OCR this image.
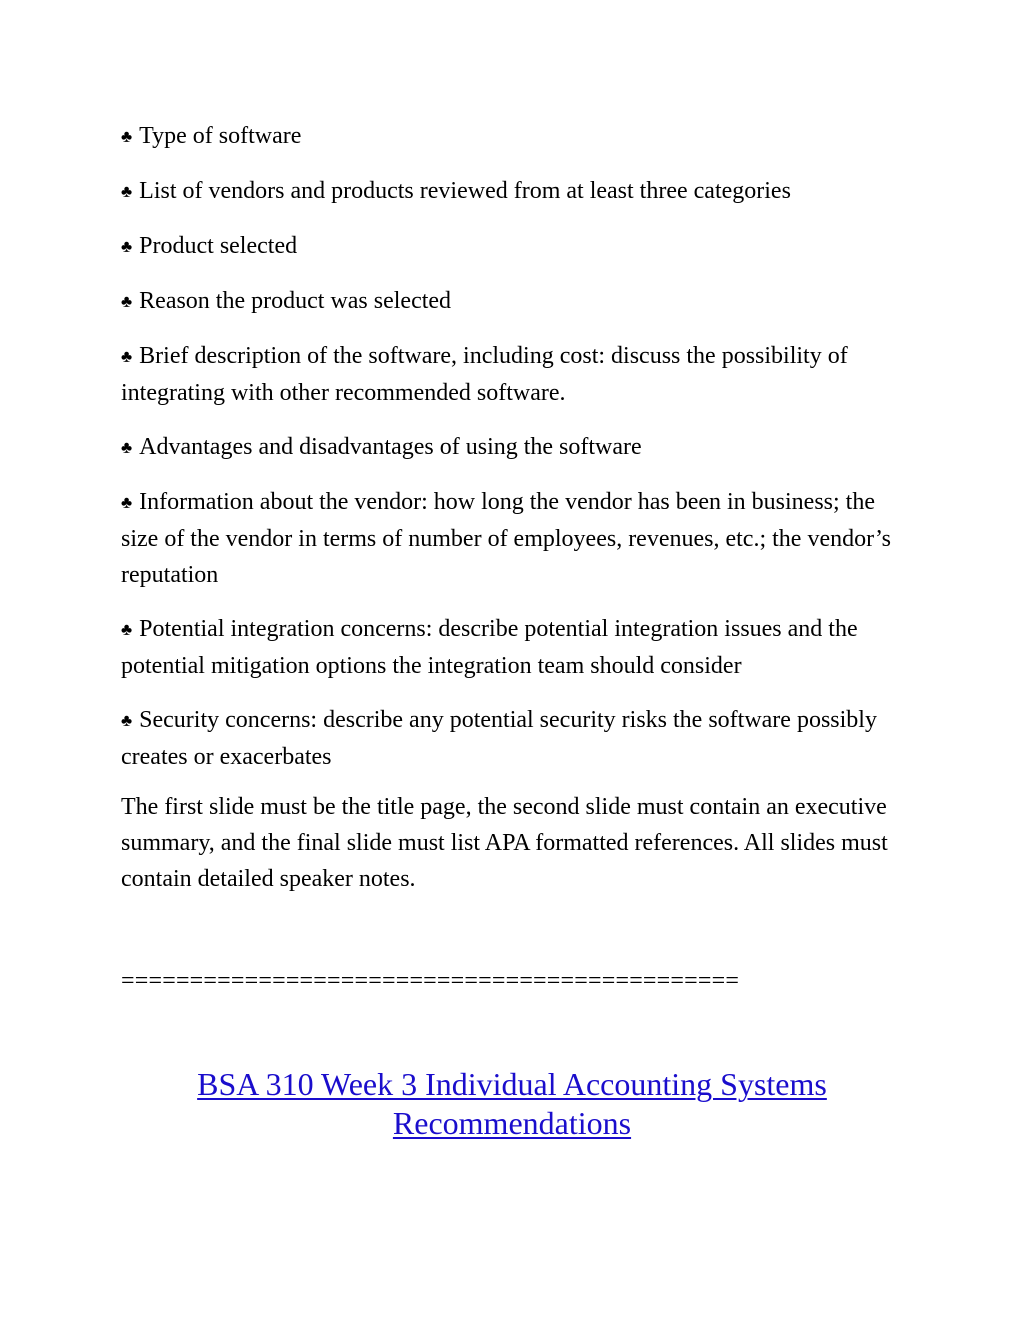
♣ Type of software
♣ List of vendors and products reviewed from at least three categories
♣ Product selected
♣ Reason the product was selected
♣ Brief description of the software, including cost: discuss the possibility of integrating with other recommended software.
♣ Advantages and disadvantages of using the software
♣ Information about the vendor: how long the vendor has been in business; the size of the vendor in terms of number of employees, revenues, etc.; the vendor’s reputation
♣ Potential integration concerns: describe potential integration issues and the potential mitigation options the integration team should consider
♣ Security concerns: describe any potential security risks the software possibly creates or exacerbates

The first slide must be the title page, the second slide must contain an executive summary, and the final slide must list APA formatted references. All slides must contain detailed speaker notes.

=============================================
BSA 310 Week 3 Individual Accounting Systems
Recommendations
